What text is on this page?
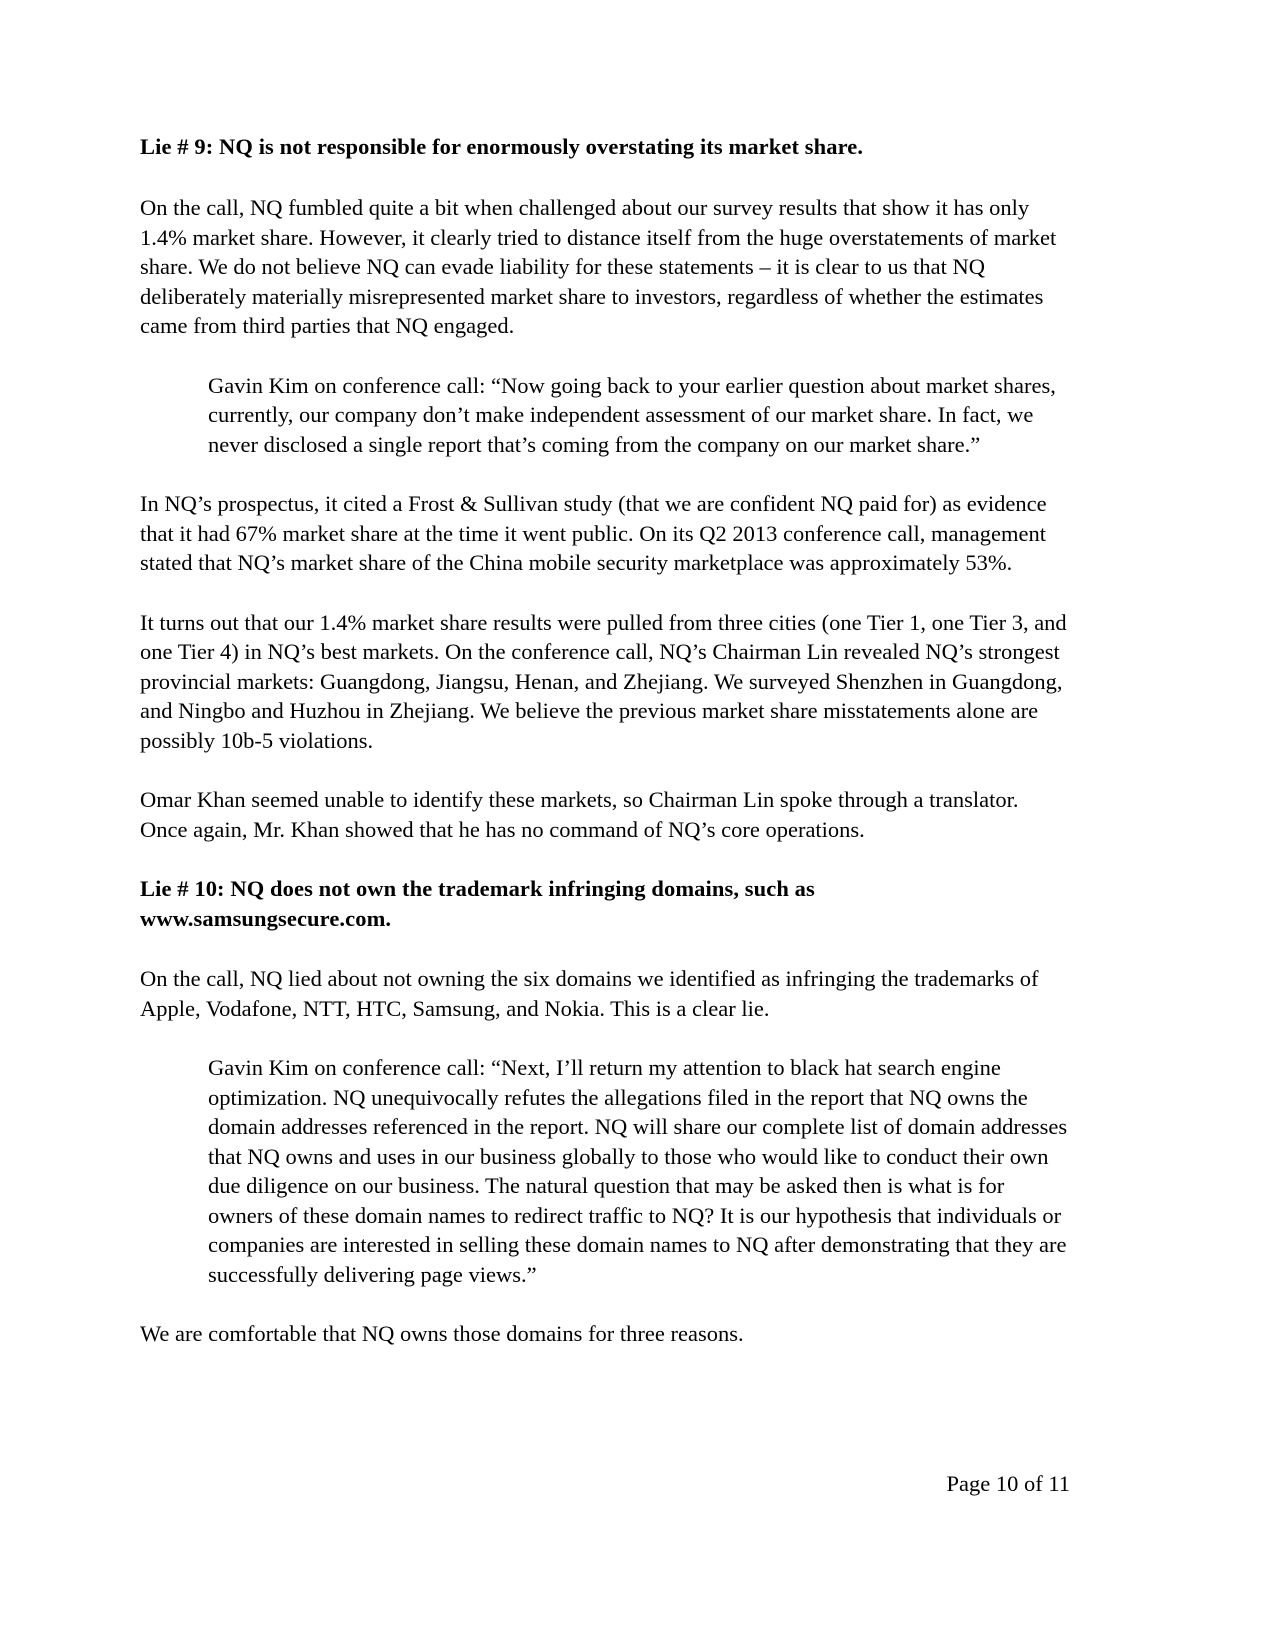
Lie # 9: NQ is not responsible for enormously overstating its market share.

On the call, NQ fumbled quite a bit when challenged about our survey results that show it has only 1.4% market share. However, it clearly tried to distance itself from the huge overstatements of market share. We do not believe NQ can evade liability for these statements – it is clear to us that NQ deliberately materially misrepresented market share to investors, regardless of whether the estimates came from third parties that NQ engaged.

Gavin Kim on conference call: “Now going back to your earlier question about market shares, currently, our company don’t make independent assessment of our market share. In fact, we never disclosed a single report that’s coming from the company on our market share.”

In NQ’s prospectus, it cited a Frost & Sullivan study (that we are confident NQ paid for) as evidence that it had 67% market share at the time it went public. On its Q2 2013 conference call, management stated that NQ’s market share of the China mobile security marketplace was approximately 53%.

It turns out that our 1.4% market share results were pulled from three cities (one Tier 1, one Tier 3, and one Tier 4) in NQ’s best markets. On the conference call, NQ’s Chairman Lin revealed NQ’s strongest provincial markets: Guangdong, Jiangsu, Henan, and Zhejiang. We surveyed Shenzhen in Guangdong, and Ningbo and Huzhou in Zhejiang. We believe the previous market share misstatements alone are possibly 10b-5 violations.

Omar Khan seemed unable to identify these markets, so Chairman Lin spoke through a translator. Once again, Mr. Khan showed that he has no command of NQ’s core operations.

Lie # 10: NQ does not own the trademark infringing domains, such as www.samsungsecure.com.

On the call, NQ lied about not owning the six domains we identified as infringing the trademarks of Apple, Vodafone, NTT, HTC, Samsung, and Nokia. This is a clear lie.

Gavin Kim on conference call: “Next, I’ll return my attention to black hat search engine optimization. NQ unequivocally refutes the allegations filed in the report that NQ owns the domain addresses referenced in the report. NQ will share our complete list of domain addresses that NQ owns and uses in our business globally to those who would like to conduct their own due diligence on our business. The natural question that may be asked then is what is for owners of these domain names to redirect traffic to NQ? It is our hypothesis that individuals or companies are interested in selling these domain names to NQ after demonstrating that they are successfully delivering page views.”

We are comfortable that NQ owns those domains for three reasons.

Page 10 of 11
